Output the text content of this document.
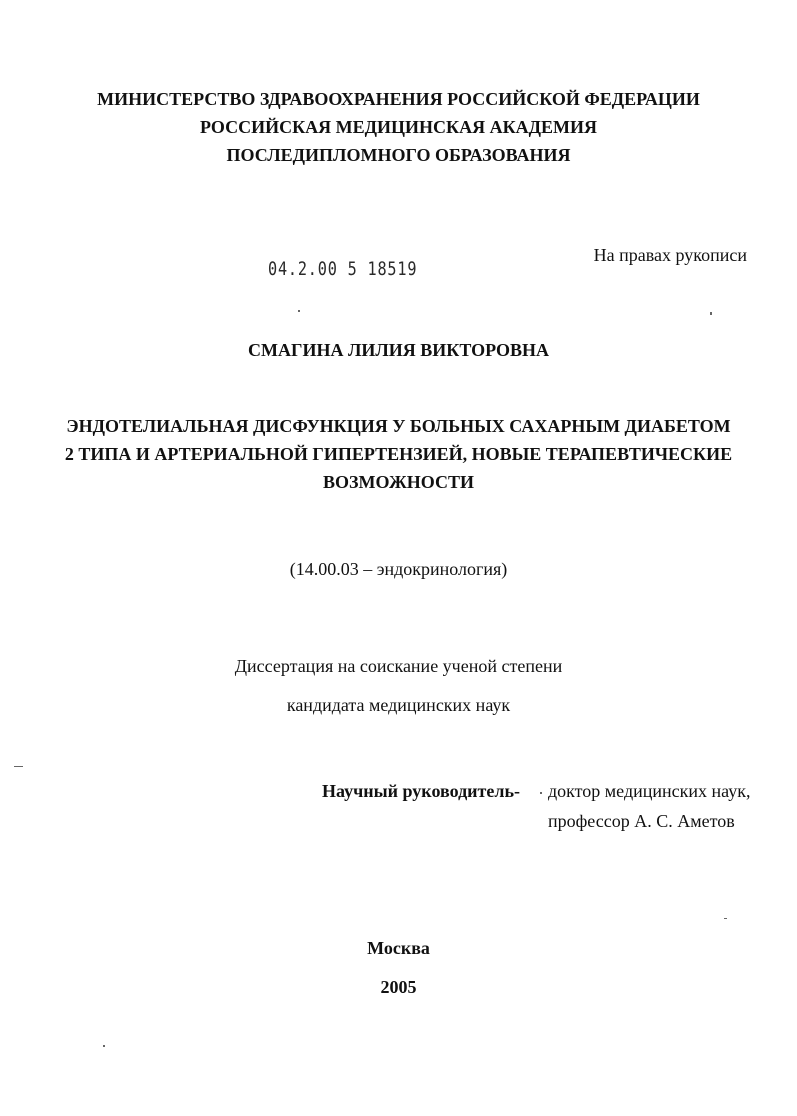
МИНИСТЕРСТВО ЗДРАВООХРАНЕНИЯ РОССИЙСКОЙ ФЕДЕРАЦИИ
РОССИЙСКАЯ МЕДИЦИНСКАЯ АКАДЕМИЯ
ПОСЛЕДИПЛОМНОГО ОБРАЗОВАНИЯ
04.2.00 5 18519
На правах рукописи
СМАГИНА ЛИЛИЯ ВИКТОРОВНА
ЭНДОТЕЛИАЛЬНАЯ ДИСФУНКЦИЯ У БОЛЬНЫХ САХАРНЫМ ДИАБЕТОМ
2 ТИПА И АРТЕРИАЛЬНОЙ ГИПЕРТЕНЗИЕЙ, НОВЫЕ ТЕРАПЕВТИЧЕСКИЕ
ВОЗМОЖНОСТИ
(14.00.03 – эндокринология)
Диссертация на соискание ученой степени
кандидата медицинских наук
Научный руководитель- доктор медицинских наук,
профессор А. С. Аметов
Москва
2005
